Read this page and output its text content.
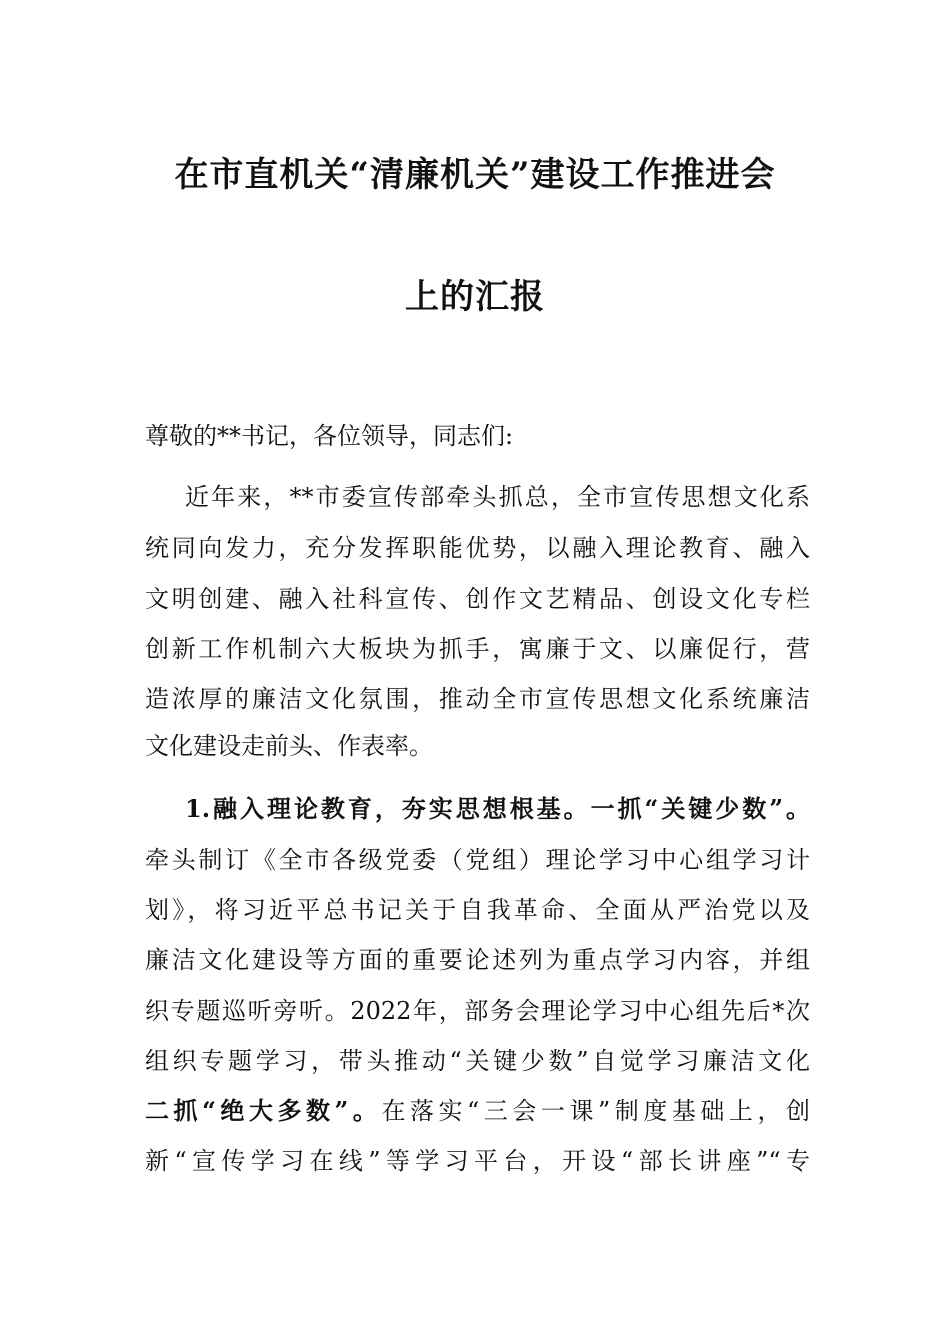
在市直机关“清廉机关”建设工作推进会
上的汇报
尊敬的**书记，各位领导，同志们:
近年来，**市委宣传部牵头抓总，全市宣传思想文化系
统同向发力，充分发挥职能优势，以融入理论教育、融入
文明创建、融入社科宣传、创作文艺精品、创设文化专栏
创新工作机制六大板块为抓手，寓廉于文、以廉促行，营
造浓厚的廉洁文化氛围，推动全市宣传思想文化系统廉洁
文化建设走前头、作表率。
1.融入理论教育，夯实思想根基。一抓“关键少数”。
牵头制订《全市各级党委（党组）理论学习中心组学习计
划》，将习近平总书记关于自我革命、全面从严治党以及
廉洁文化建设等方面的重要论述列为重点学习内容，并组
织专题巡听旁听。2022年，部务会理论学习中心组先后*次
组织专题学习，带头推动“关键少数”自觉学习廉洁文化
二抓“绝大多数”。在落实“三会一课”制度基础上，创
新“宣传学习在线”等学习平台，开设“部长讲座”“专
